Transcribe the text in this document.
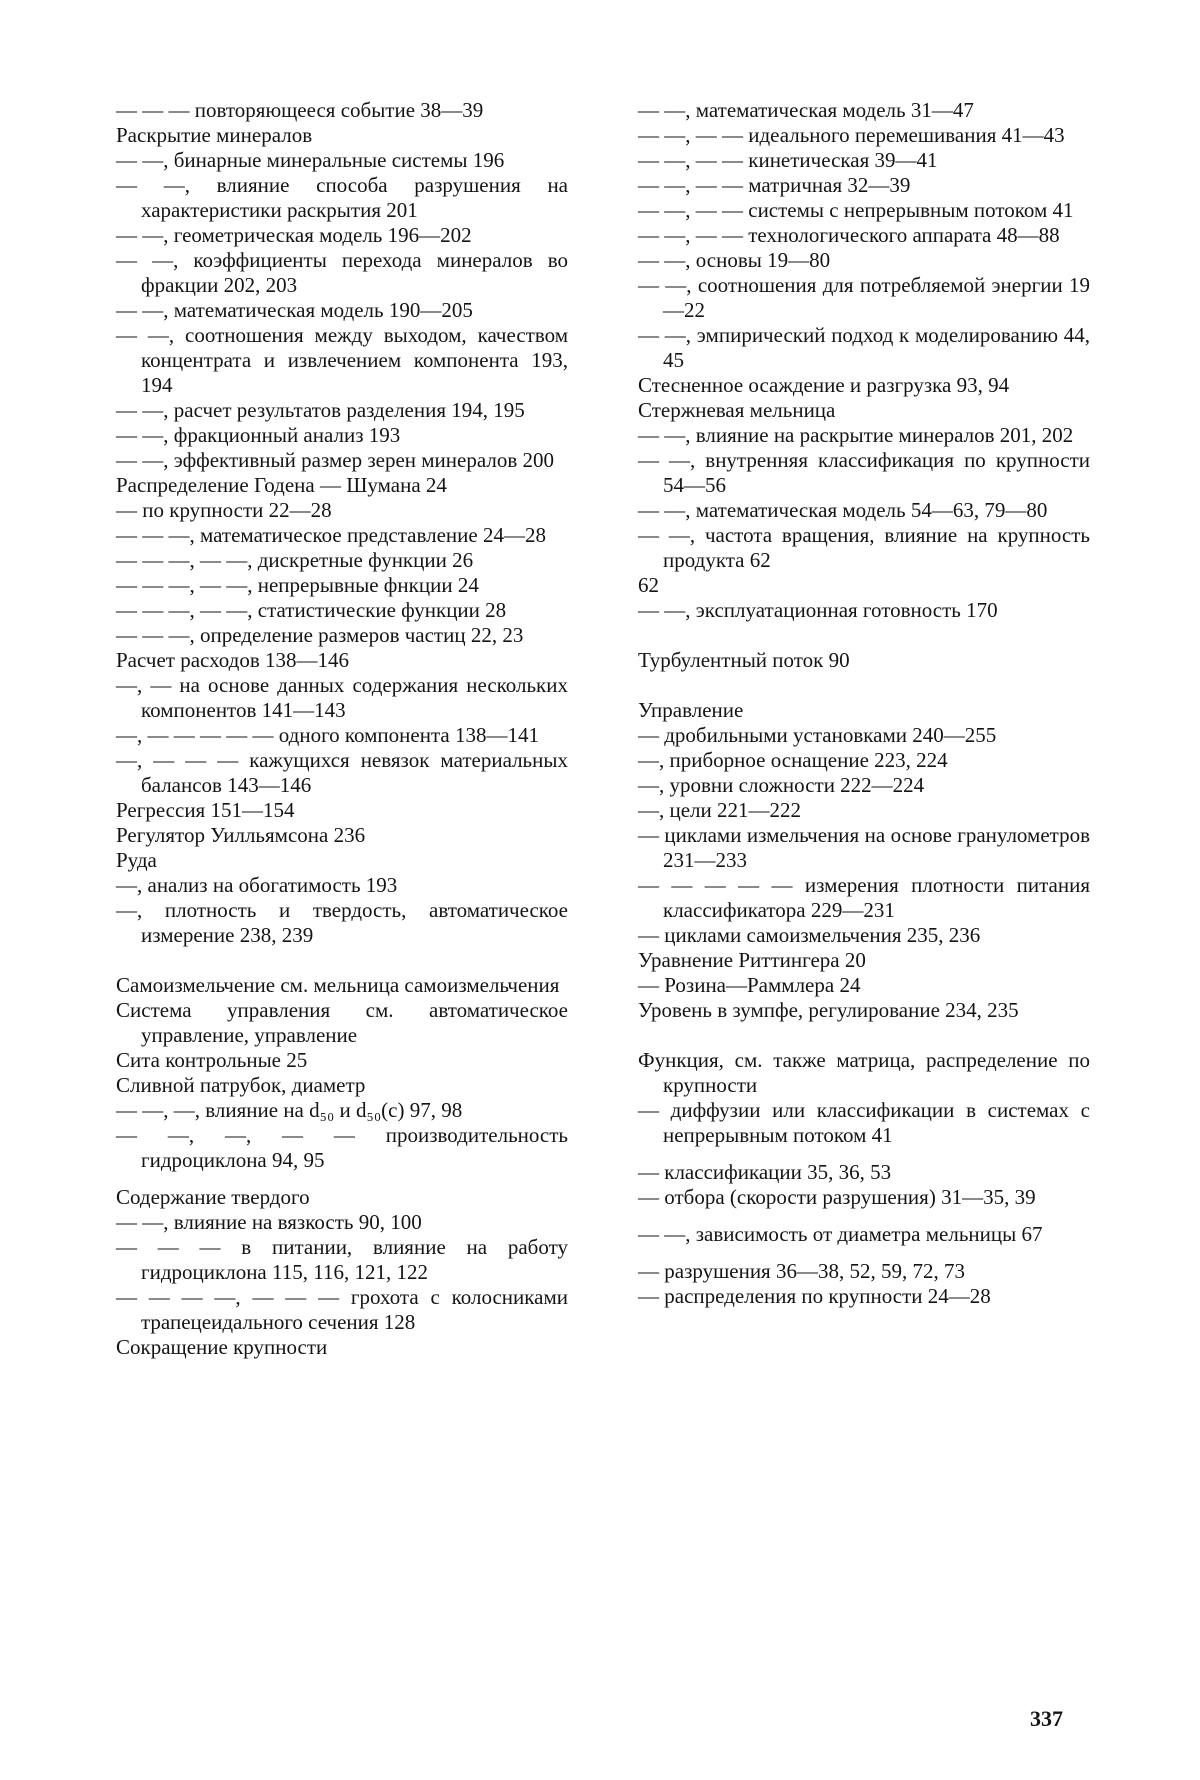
— — — повторяющееся событие 38—39
Раскрытие минералов
— —, бинарные минеральные системы 196
— —, влияние способа разрушения на характеристики раскрытия 201
— —, геометрическая модель 196—202
— —, коэффициенты перехода минералов во фракции 202, 203
— —, математическая модель 190—205
— —, соотношения между выходом, качеством концентрата и извлечением компонента 193, 194
— —, расчет результатов разделения 194, 195
— —, фракционный анализ 193
— —, эффективный размер зерен минералов 200
Распределение Годена — Шумана 24
— по крупности 22—28
— — —, математическое представление 24—28
— — —, — —, дискретные функции 26
— — —, — —, непрерывные фнкции 24
— — —, — —, статистические функции 28
— — —, определение размеров частиц 22, 23
Расчет расходов 138—146
—, — на основе данных содержания нескольких компонентов 141—143
—, — — — — — одного компонента 138—141
—, — — — кажущихся невязок материальных балансов 143—146
Регрессия 151—154
Регулятор Уилльямсона 236
Руда
—, анализ на обогатимость 193
—, плотность и твердость, автоматическое измерение 238, 239
Самоизмельчение см. мельница самоизмельчения
Система управления см. автоматическое управление, управление
Сита контрольные 25
Сливной патрубок, диаметр
— —, —, влияние на d₅₀ и d₅₀(c) 97, 98
— —, —, — — производительность гидроциклона 94, 95
Содержание твердого
— —, влияние на вязкость 90, 100
— — — в питании, влияние на работу гидроциклона 115, 116, 121, 122
— — — —, — — — грохота с колосниками трапецеидального сечения 128
Сокращение крупности
— —, математическая модель 31—47
— —, — — идеального перемешивания 41—43
— —, — — кинетическая 39—41
— —, — — матричная 32—39
— —, — — системы с непрерывным потоком 41
— —, — — технологического аппарата 48—88
— —, основы 19—80
— —, соотношения для потребляемой энергии 19—22
— —, эмпирический подход к моделированию 44, 45
Стесненное осаждение и разгрузка 93, 94
Стержневая мельница
— —, влияние на раскрытие минералов 201, 202
— —, внутренняя классификация по крупности 54—56
— —, математическая модель 54—63, 79—80
— —, частота вращения, влияние на крупность продукта 62
62
— —, эксплуатационная готовность 170
Турбулентный поток 90
Управление
— дробильными установками 240—255
—, приборное оснащение 223, 224
—, уровни сложности 222—224
—, цели 221—222
— циклами измельчения на основе гранулометров 231—233
— — — — — измерения плотности питания классификатора 229—231
— циклами самоизмельчения 235, 236
Уравнение Риттингера 20
— Розина—Раммлера 24
Уровень в зумпфе, регулирование 234, 235
Функция, см. также матрица, распределение по крупности
— диффузии или классификации в системах с непрерывным потоком 41
— классификации 35, 36, 53
— отбора (скорости разрушения) 31—35, 39
— —, зависимость от диаметра мельницы 67
— разрушения 36—38, 52, 59, 72, 73
— распределения по крупности 24—28
337
